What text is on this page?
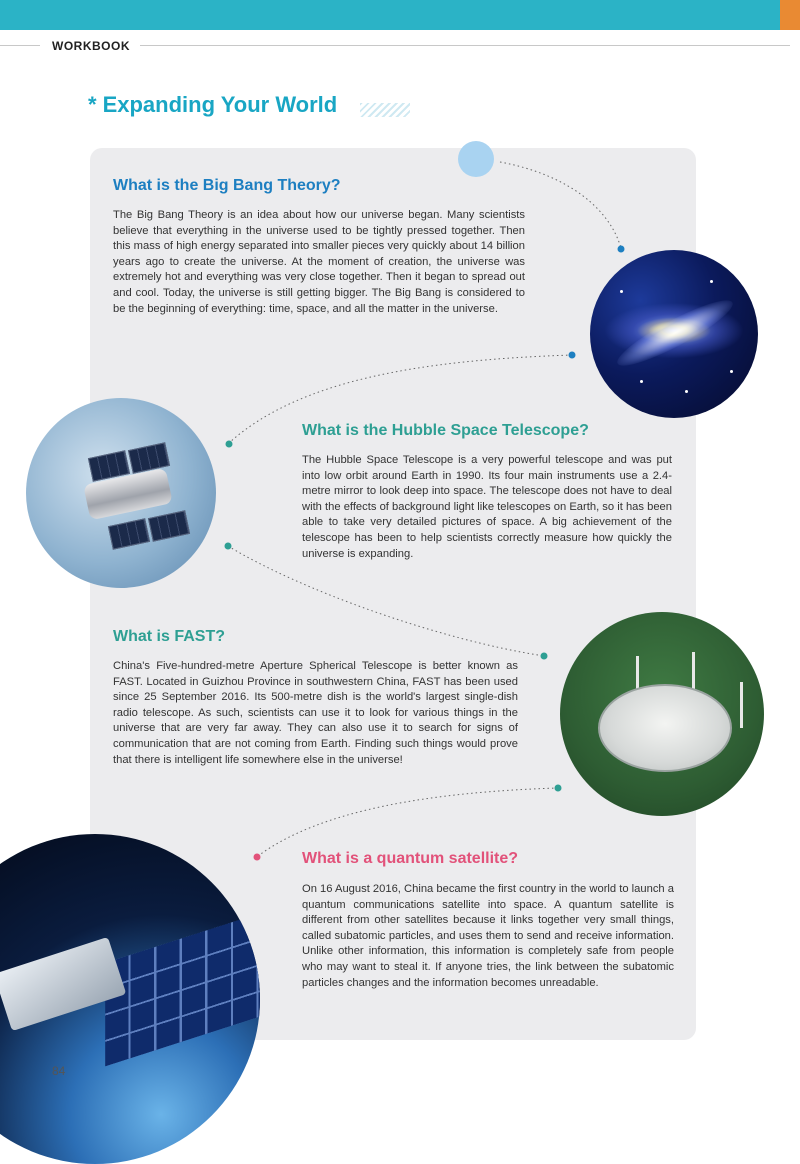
WORKBOOK
* Expanding Your World
What is the Big Bang Theory?
The Big Bang Theory is an idea about how our universe began. Many scientists believe that everything in the universe used to be tightly pressed together. Then this mass of high energy separated into smaller pieces very quickly about 14 billion years ago to create the universe. At the moment of creation, the universe was extremely hot and everything was very close together. Then it began to spread out and cool. Today, the universe is still getting bigger. The Big Bang is considered to be the beginning of everything: time, space, and all the matter in the universe.
What is the Hubble Space Telescope?
The Hubble Space Telescope is a very powerful telescope and was put into low orbit around Earth in 1990. Its four main instruments use a 2.4-metre mirror to look deep into space. The telescope does not have to deal with the effects of background light like telescopes on Earth, so it has been able to take very detailed pictures of space. A big achievement of the telescope has been to help scientists correctly measure how quickly the universe is expanding.
What is FAST?
China's Five-hundred-metre Aperture Spherical Telescope is better known as FAST. Located in Guizhou Province in southwestern China, FAST has been used since 25 September 2016. Its 500-metre dish is the world's largest single-dish radio telescope. As such, scientists can use it to look for various things in the universe that are very far away. They can also use it to search for signs of communication that are not coming from Earth. Finding such things would prove that there is intelligent life somewhere else in the universe!
What is a quantum satellite?
On 16 August 2016, China became the first country in the world to launch a quantum communications satellite into space. A quantum satellite is different from other satellites because it links together very small things, called subatomic particles, and uses them to send and receive information. Unlike other information, this information is completely safe from people who may want to steal it. If anyone tries, the link between the subatomic particles changes and the information becomes unreadable.
84
